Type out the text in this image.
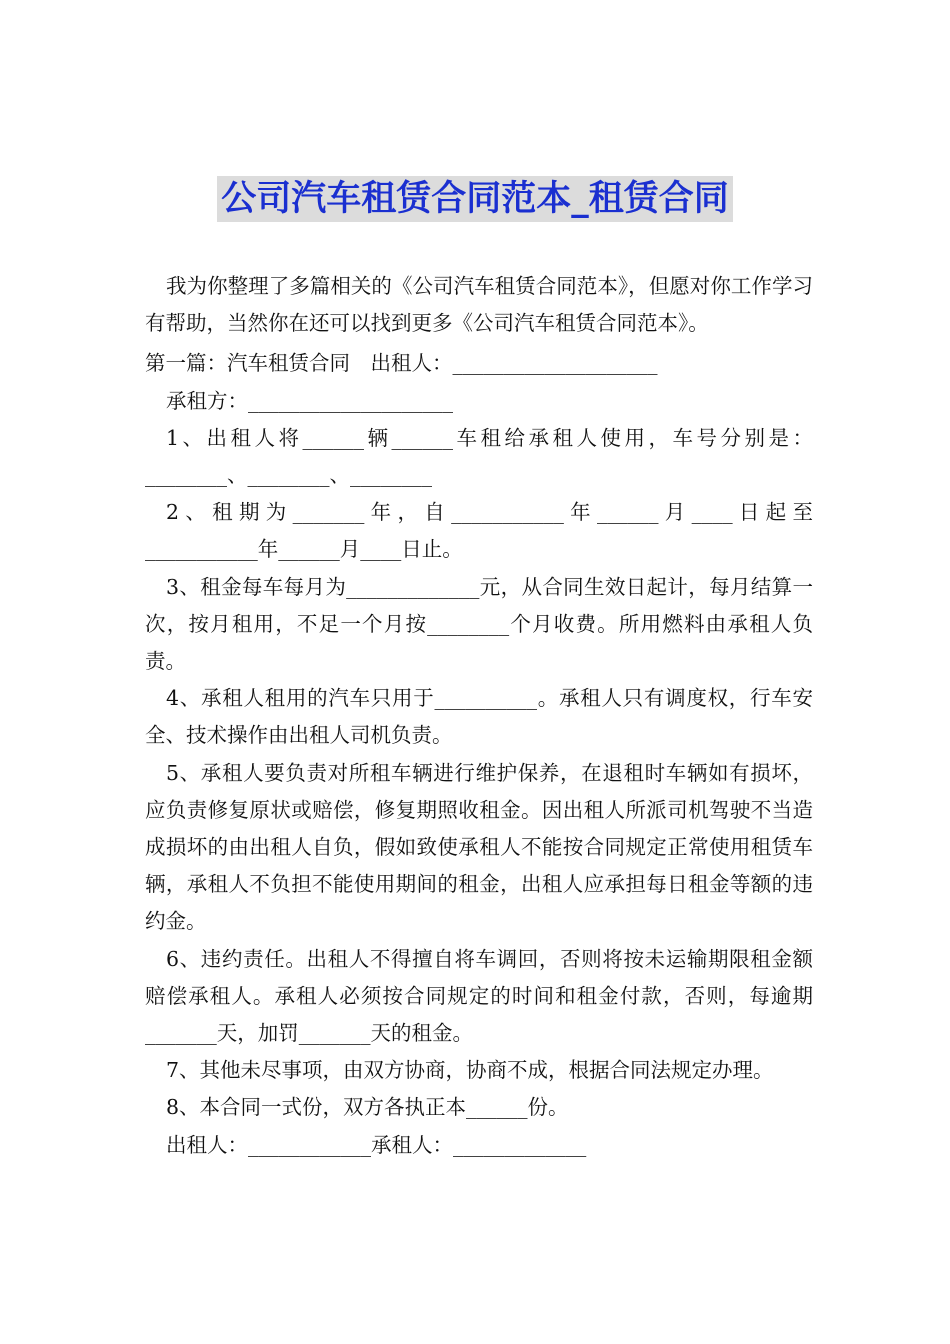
公司汽车租赁合同范本_租赁合同

我为你整理了多篇相关的《公司汽车租赁合同范本》，但愿对你工作学习有帮助，当然你在还可以找到更多《公司汽车租赁合同范本》。

第一篇：汽车租赁合同　出租人：____________________

承租方：____________________

1、出租人将______辆______车租给承租人使用，车号分别是：________、________、________

2、租期为_______年，自___________年______月____日起至___________年______月____日止。

3、租金每车每月为_____________元，从合同生效日起计，每月结算一次，按月租用，不足一个月按________个月收费。所用燃料由承租人负责。

4、承租人租用的汽车只用于__________。承租人只有调度权，行车安全、技术操作由出租人司机负责。

5、承租人要负责对所租车辆进行维护保养，在退租时车辆如有损坏，应负责修复原状或赔偿，修复期照收租金。因出租人所派司机驾驶不当造成损坏的由出租人自负，假如致使承租人不能按合同规定正常使用租赁车辆，承租人不负担不能使用期间的租金，出租人应承担每日租金等额的违约金。

6、违约责任。出租人不得擅自将车调回，否则将按未运输期限租金额赔偿承租人。承租人必须按合同规定的时间和租金付款，否则，每逾期_______天，加罚_______天的租金。

7、其他未尽事项，由双方协商，协商不成，根据合同法规定办理。

8、本合同一式份，双方各执正本______份。

出租人：____________承租人：_____________
